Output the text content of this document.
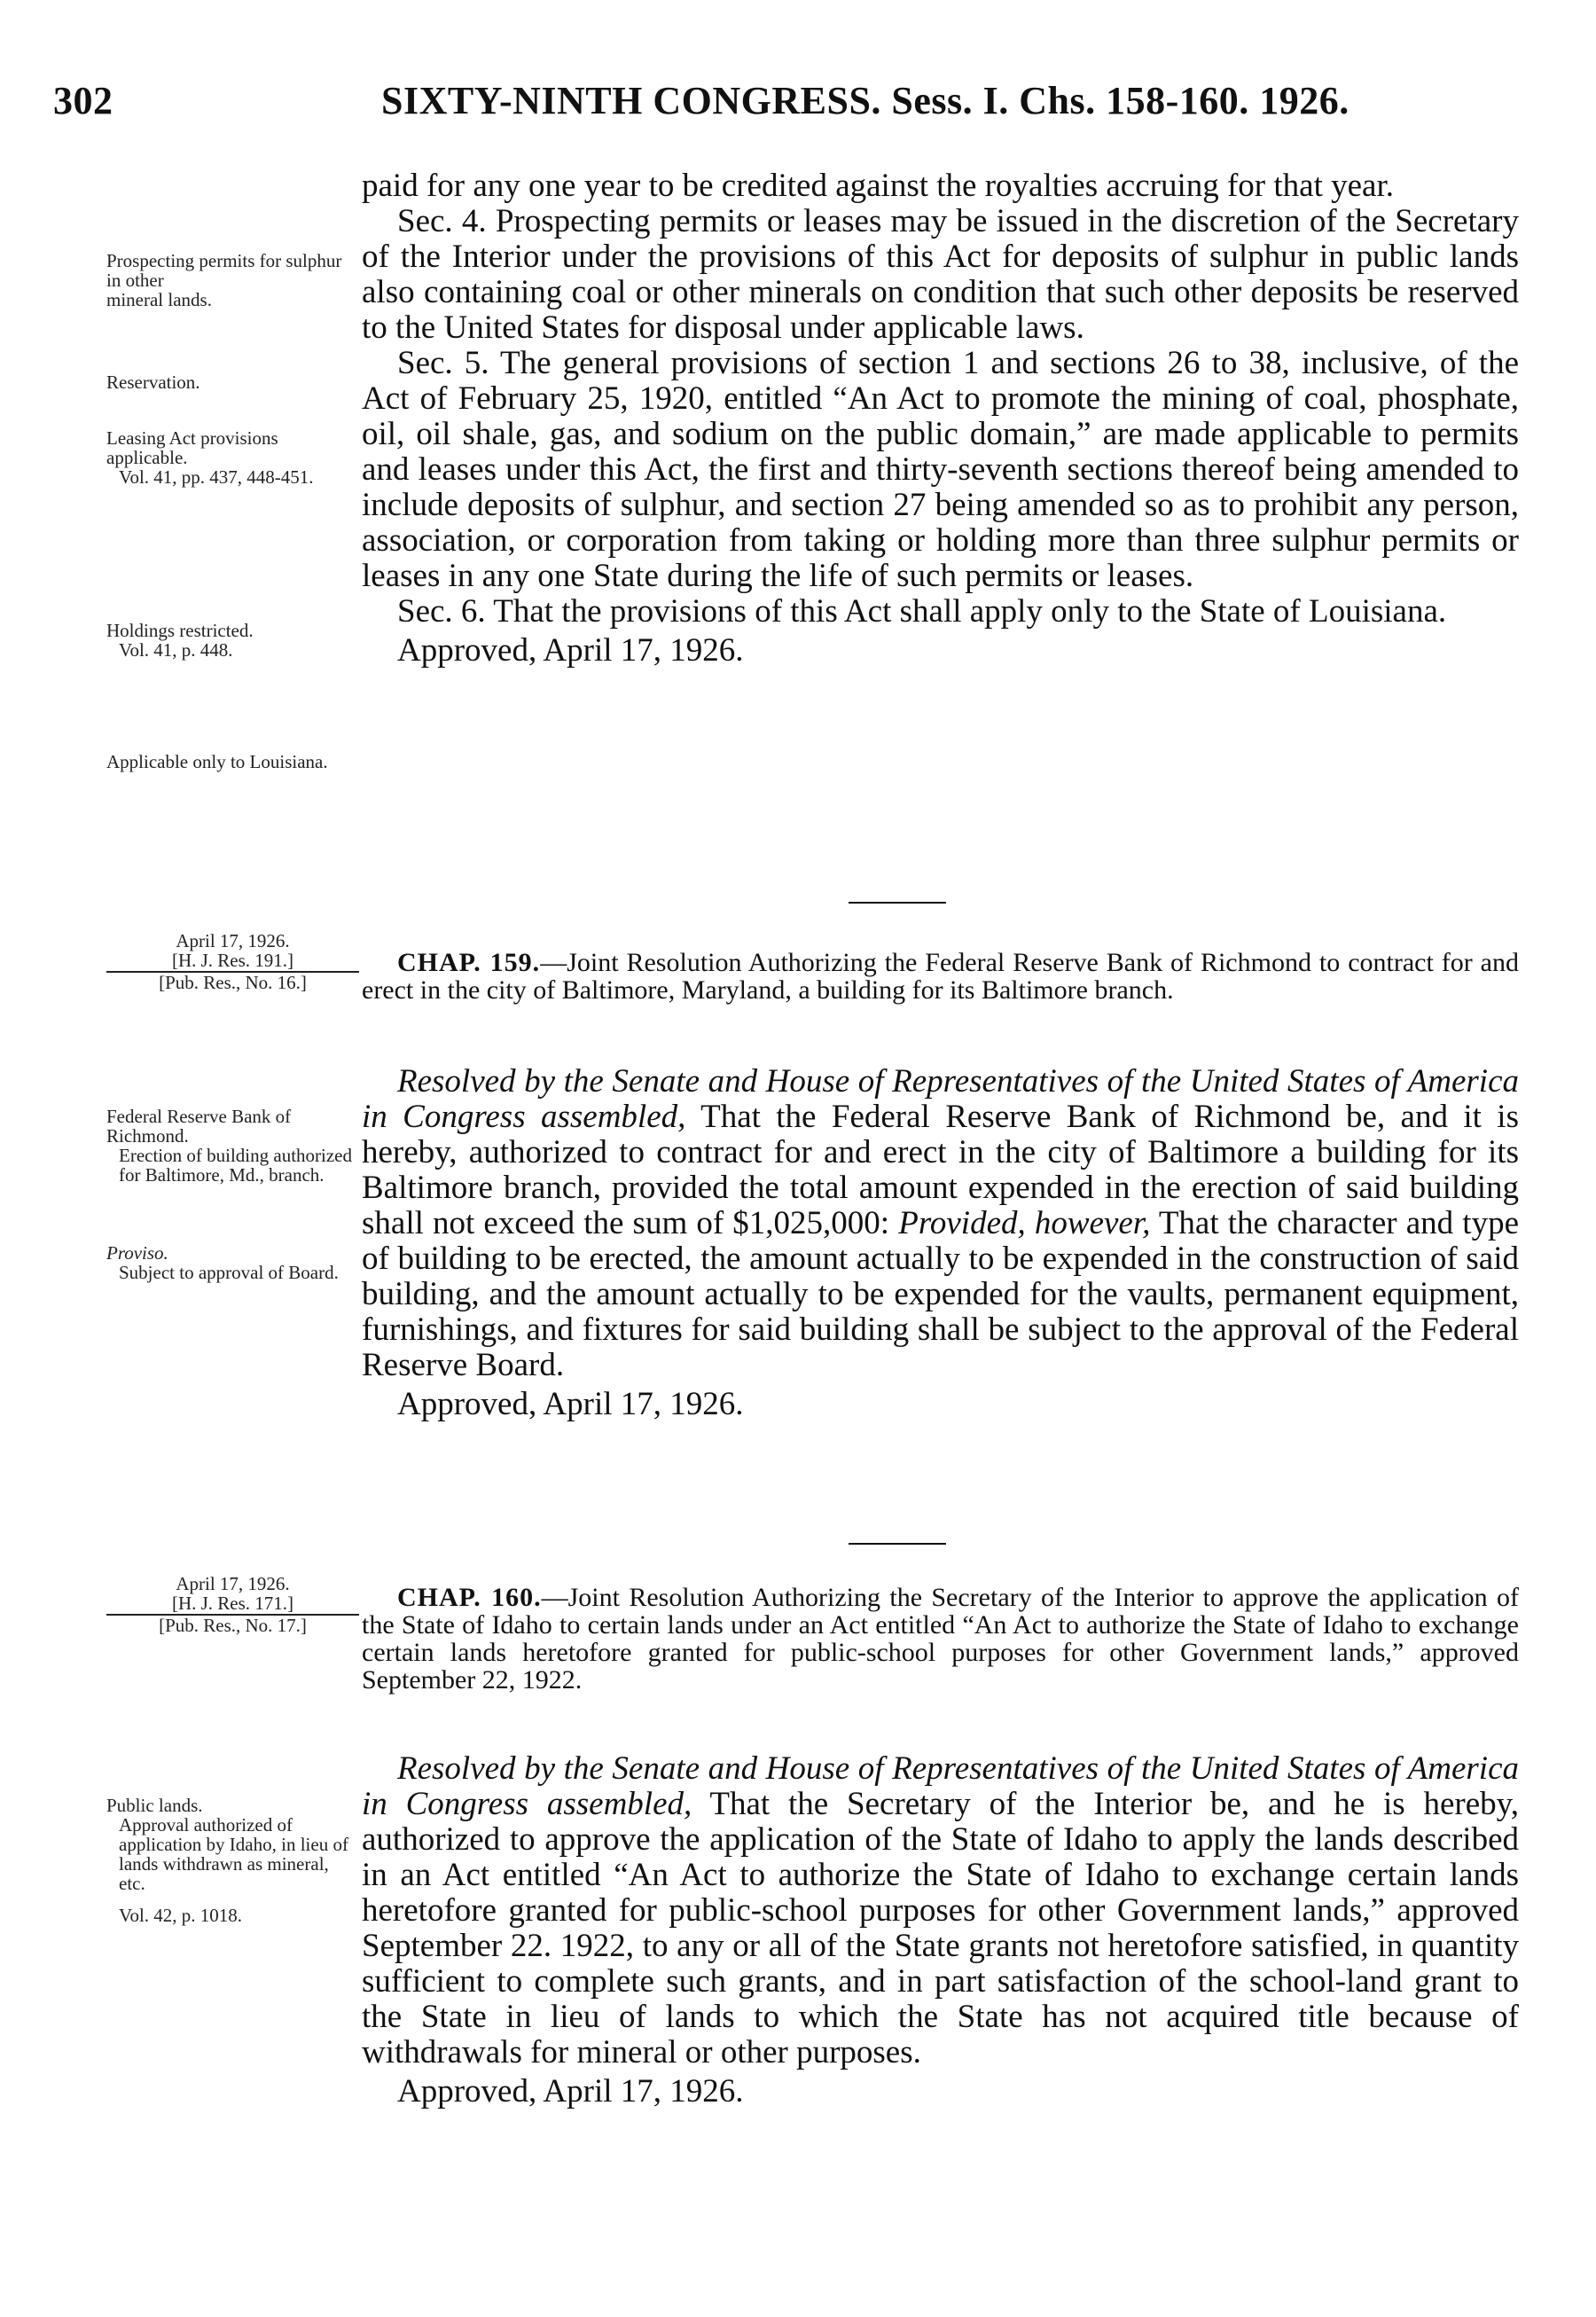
302	SIXTY-NINTH CONGRESS. Sess. I. Chs. 158-160. 1926.

paid for any one year to be credited against the royalties accruing for that year.

Sec. 4. Prospecting permits or leases may be issued in the discretion of the Secretary of the Interior under the provisions of this Act for deposits of sulphur in public lands also containing coal or other minerals on condition that such other deposits be reserved to the United States for disposal under applicable laws.

Sec. 5. The general provisions of section 1 and sections 26 to 38, inclusive, of the Act of February 25, 1920, entitled “An Act to promote the mining of coal, phosphate, oil, oil shale, gas, and sodium on the public domain,” are made applicable to permits and leases under this Act, the first and thirty-seventh sections thereof being amended to include deposits of sulphur, and section 27 being amended so as to prohibit any person, association, or corporation from taking or holding more than three sulphur permits or leases in any one State during the life of such permits or leases.

Sec. 6. That the provisions of this Act shall apply only to the State of Louisiana.

Approved, April 17, 1926.

Prospecting permits for sulphur in other

mineral lands.

Reservation.

Leasing Act provisions applicable.

Vol. 41, pp. 437, 448-451.

Holdings restricted.

Vol. 41, p. 448.

Applicable only to Louisiana.

April 17, 1926.

[H. J. Res. 191.]

[Pub. Res., No. 16.]

CHAP. 159.—Joint Resolution Authorizing the Federal Reserve Bank of Richmond to contract for and erect in the city of Baltimore, Maryland, a building for its Baltimore branch.

Resolved by the Senate and House of Representatives of the United States of America in Congress assembled, That the Federal Reserve Bank of Richmond be, and it is hereby, authorized to contract for and erect in the city of Baltimore a building for its Baltimore branch, provided the total amount expended in the erection of said building shall not exceed the sum of $1,025,000: Provided, however, That the character and type of building to be erected, the amount actually to be expended in the construction of said building, and the amount actually to be expended for the vaults, permanent equipment, furnishings, and fixtures for said building shall be subject to the approval of the Federal Reserve Board.

Approved, April 17, 1926.

Federal Reserve Bank of Richmond.

Erection of building authorized for Baltimore, Md., branch.

Proviso.

Subject to approval of Board.

April 17, 1926.

[H. J. Res. 171.]

[Pub. Res., No. 17.]

CHAP. 160.—Joint Resolution Authorizing the Secretary of the Interior to approve the application of the State of Idaho to certain lands under an Act entitled “An Act to authorize the State of Idaho to exchange certain lands heretofore granted for public-school purposes for other Government lands,” approved September 22, 1922.

Resolved by the Senate and House of Representatives of the United States of America in Congress assembled, That the Secretary of the Interior be, and he is hereby, authorized to approve the application of the State of Idaho to apply the lands described in an Act entitled “An Act to authorize the State of Idaho to exchange certain lands heretofore granted for public-school purposes for other Government lands,” approved September 22. 1922, to any or all of the State grants not heretofore satisfied, in quantity sufficient to complete such grants, and in part satisfaction of the school-land grant to the State in lieu of lands to which the State has not acquired title because of withdrawals for mineral or other purposes.

Approved, April 17, 1926.

Public lands.

Approval authorized of application by Idaho, in lieu of lands withdrawn as mineral, etc.

Vol. 42, p. 1018.
